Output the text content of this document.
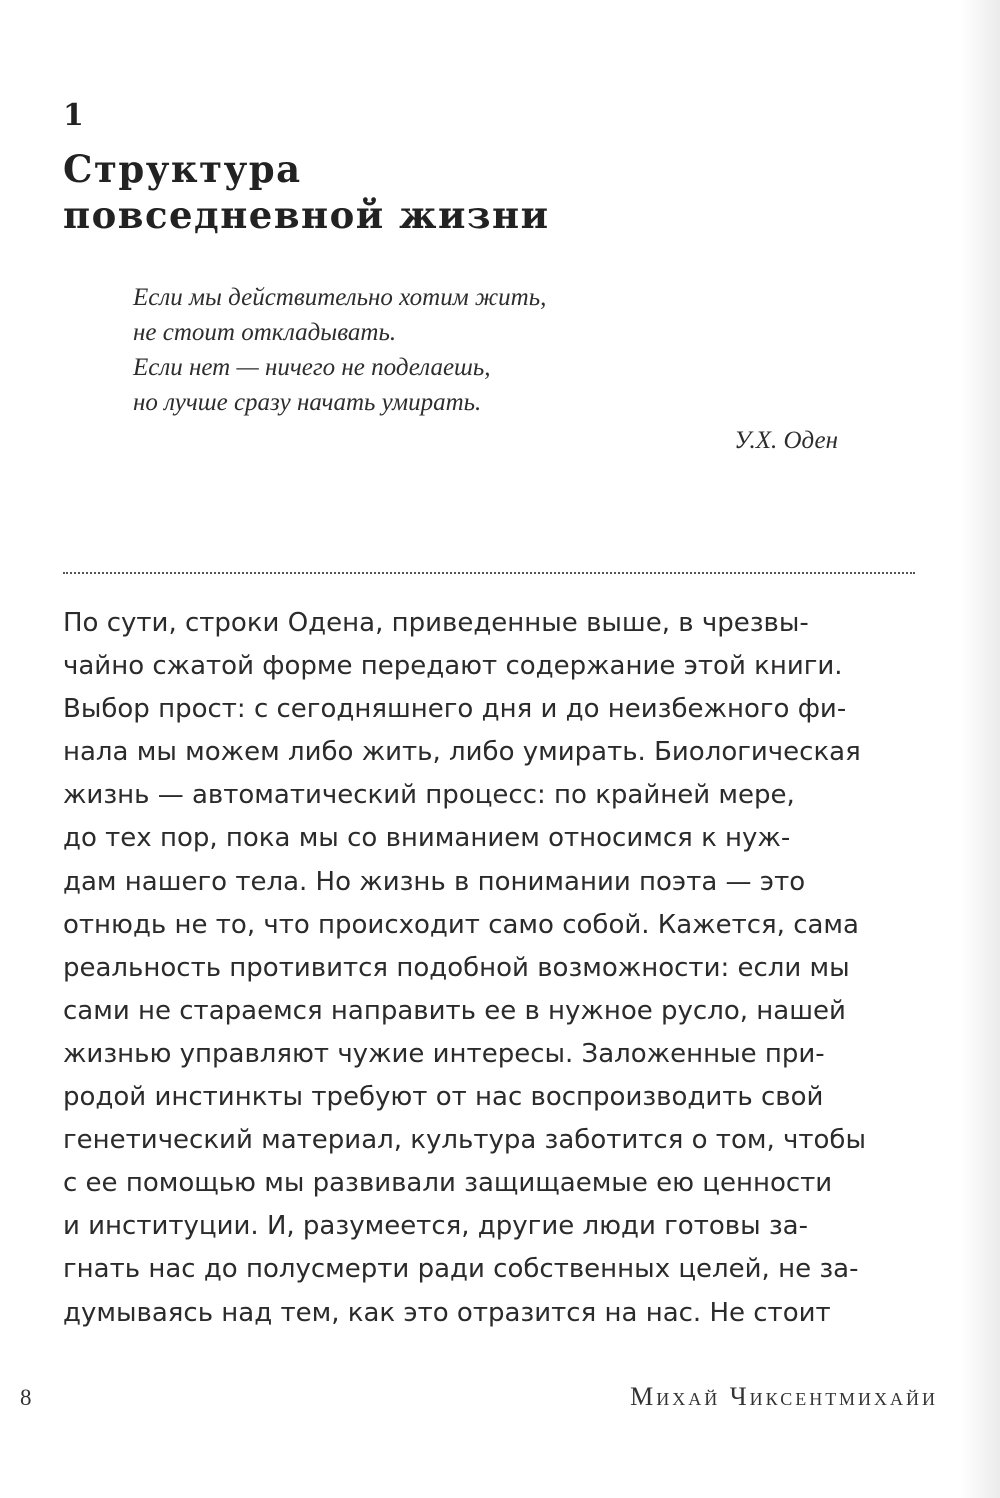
1
Структура
повседневной жизни
Если мы действительно хотим жить,
не стоит откладывать.
Если нет — ничего не поделаешь,
но лучше сразу начать умирать.
У.Х. Оден
По сути, строки Одена, приведенные выше, в чрезвы-
чайно сжатой форме передают содержание этой книги.
Выбор прост: с сегодняшнего дня и до неизбежного фи-
нала мы можем либо жить, либо умирать. Биологическая
жизнь — автоматический процесс: по крайней мере,
до тех пор, пока мы со вниманием относимся к нуж-
дам нашего тела. Но жизнь в понимании поэта — это
отнюдь не то, что происходит само собой. Кажется, сама
реальность противится подобной возможности: если мы
сами не стараемся направить ее в нужное русло, нашей
жизнью управляют чужие интересы. Заложенные при-
родой инстинкты требуют от нас воспроизводить свой
генетический материал, культура заботится о том, чтобы
с ее помощью мы развивали защищаемые ею ценности
и институции. И, разумеется, другие люди готовы за-
гнать нас до полусмерти ради собственных целей, не за-
думываясь над тем, как это отразится на нас. Не стоит
8	Михай Чиксентмихайи
